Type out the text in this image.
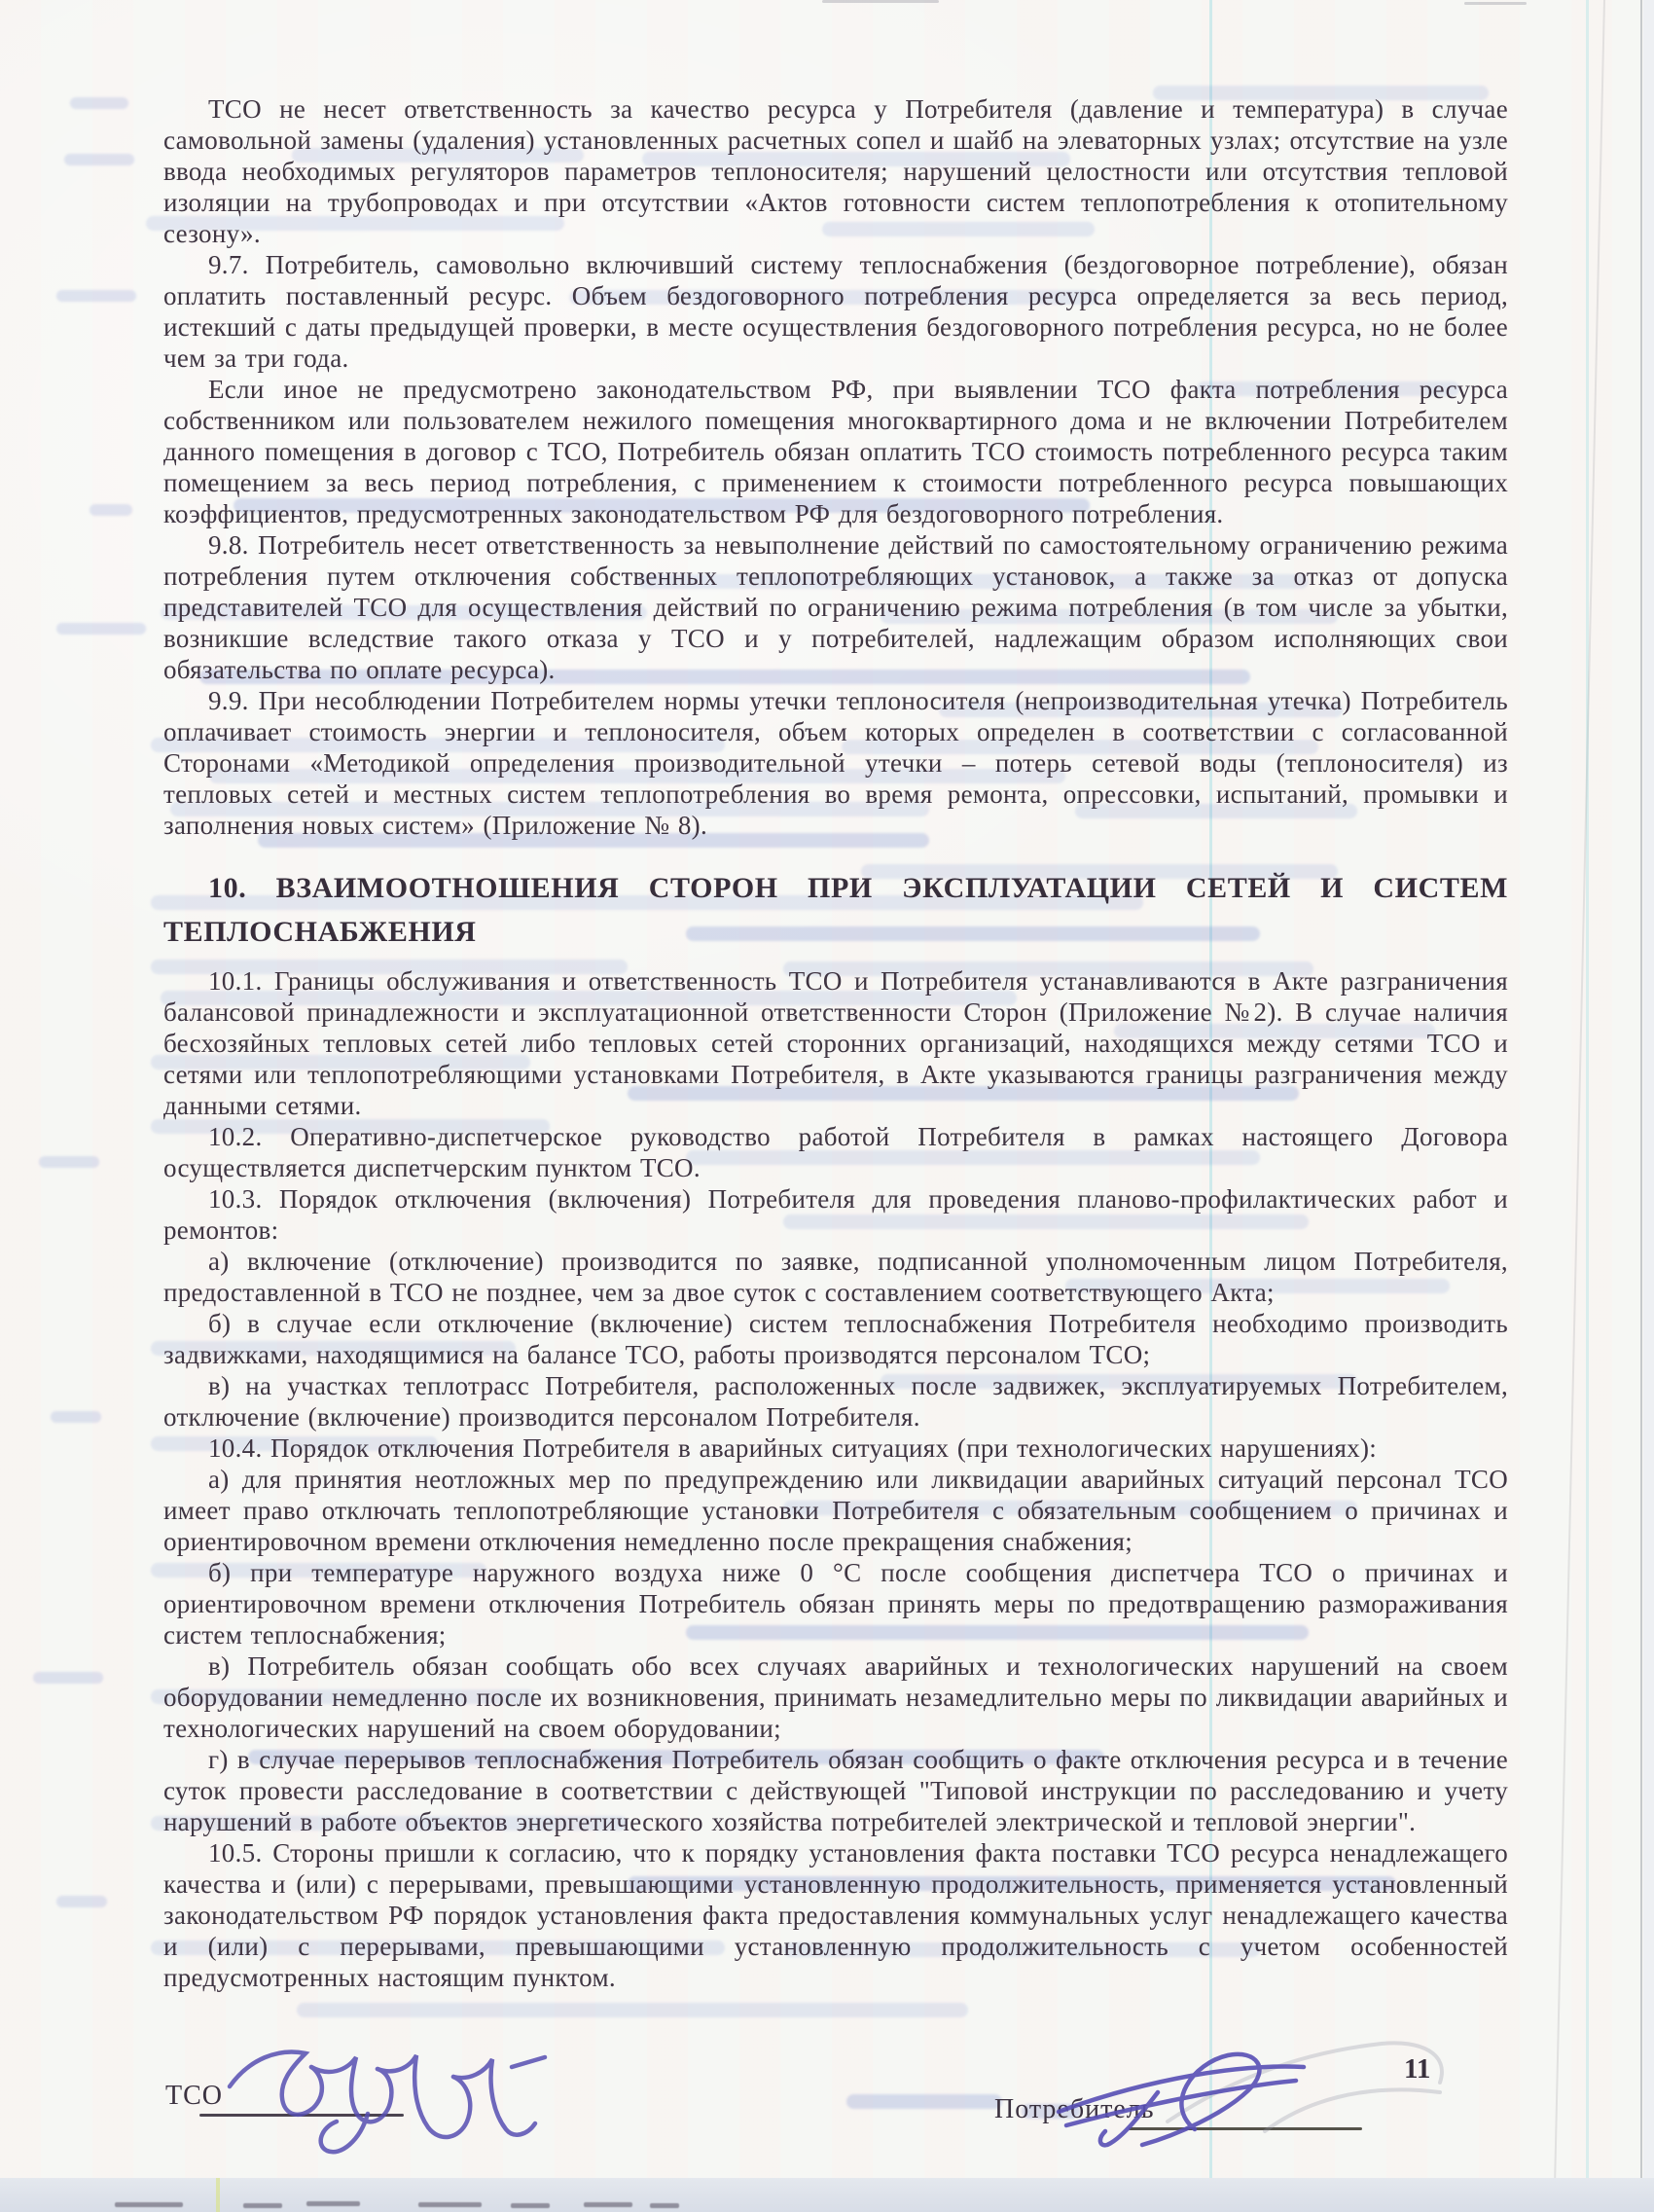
ТСО не несет ответственность за качество ресурса у Потребителя (давление и температура) в случае самовольной замены (удаления) установленных расчетных сопел и шайб на элеваторных узлах; отсутствие на узле ввода необходимых регуляторов параметров теплоносителя; нарушений целостности или отсутствия тепловой изоляции на трубопроводах и при отсутствии «Актов готовности систем теплопотребления к отопительному сезону».

9.7. Потребитель, самовольно включивший систему теплоснабжения (бездоговорное потребление), обязан оплатить поставленный ресурс. Объем бездоговорного потребления ресурса определяется за весь период, истекший с даты предыдущей проверки, в месте осуществления бездоговорного потребления ресурса, но не более чем за три года.

Если иное не предусмотрено законодательством РФ, при выявлении ТСО факта потребления ресурса собственником или пользователем нежилого помещения многоквартирного дома и не включении Потребителем данного помещения в договор с ТСО, Потребитель обязан оплатить ТСО стоимость потребленного ресурса таким помещением за весь период потребления, с применением к стоимости потребленного ресурса повышающих коэффициентов, предусмотренных законодательством РФ для бездоговорного потребления.

9.8. Потребитель несет ответственность за невыполнение действий по самостоятельному ограничению режима потребления путем отключения собственных теплопотребляющих установок, а также за отказ от допуска представителей ТСО для осуществления действий по ограничению режима потребления (в том числе за убытки, возникшие вследствие такого отказа у ТСО и у потребителей, надлежащим образом исполняющих свои обязательства по оплате ресурса).

9.9. При несоблюдении Потребителем нормы утечки теплоносителя (непроизводительная утечка) Потребитель оплачивает стоимость энергии и теплоносителя, объем которых определен в соответствии с согласованной Сторонами «Методикой определения производительной утечки – потерь сетевой воды (теплоносителя) из тепловых сетей и местных систем теплопотребления во время ремонта, опрессовки, испытаний, промывки и заполнения новых систем» (Приложение № 8).

10. ВЗАИМООТНОШЕНИЯ СТОРОН ПРИ ЭКСПЛУАТАЦИИ СЕТЕЙ И СИСТЕМ ТЕПЛОСНАБЖЕНИЯ

10.1. Границы обслуживания и ответственность ТСО и Потребителя устанавливаются в Акте разграничения балансовой принадлежности и эксплуатационной ответственности Сторон (Приложение №2). В случае наличия бесхозяйных тепловых сетей либо тепловых сетей сторонних организаций, находящихся между сетями ТСО и сетями или теплопотребляющими установками Потребителя, в Акте указываются границы разграничения между данными сетями.

10.2. Оперативно-диспетчерское руководство работой Потребителя в рамках настоящего Договора осуществляется диспетчерским пунктом ТСО.

10.3. Порядок отключения (включения) Потребителя для проведения планово-профилактических работ и ремонтов:

а) включение (отключение) производится по заявке, подписанной уполномоченным лицом Потребителя, предоставленной в ТСО не позднее, чем за двое суток с составлением соответствующего Акта;

б) в случае если отключение (включение) систем теплоснабжения Потребителя необходимо производить задвижками, находящимися на балансе ТСО, работы производятся персоналом ТСО;

в) на участках теплотрасс Потребителя, расположенных после задвижек, эксплуатируемых Потребителем, отключение (включение) производится персоналом Потребителя.

10.4. Порядок отключения Потребителя в аварийных ситуациях (при технологических нарушениях):

а) для принятия неотложных мер по предупреждению или ликвидации аварийных ситуаций персонал ТСО имеет право отключать теплопотребляющие установки Потребителя с обязательным сообщением о причинах и ориентировочном времени отключения немедленно после прекращения снабжения;

б) при температуре наружного воздуха ниже 0 °С после сообщения диспетчера ТСО о причинах и ориентировочном времени отключения Потребитель обязан принять меры по предотвращению размораживания систем теплоснабжения;

в) Потребитель обязан сообщать обо всех случаях аварийных и технологических нарушений на своем оборудовании немедленно после их возникновения, принимать незамедлительно меры по ликвидации аварийных и технологических нарушений на своем оборудовании;

г) в случае перерывов теплоснабжения Потребитель обязан сообщить о факте отключения ресурса и в течение суток провести расследование в соответствии с действующей "Типовой инструкции по расследованию и учету нарушений в работе объектов энергетического хозяйства потребителей электрической и тепловой энергии".

10.5. Стороны пришли к согласию, что к порядку установления факта поставки ТСО ресурса ненадлежащего качества и (или) с перерывами, превышающими установленную продолжительность, применяется установленный законодательством РФ порядок установления факта предоставления коммунальных услуг ненадлежащего качества и (или) с перерывами, превышающими установленную продолжительность с учетом особенностей предусмотренных настоящим пунктом.

ТСО	Потребитель
11
